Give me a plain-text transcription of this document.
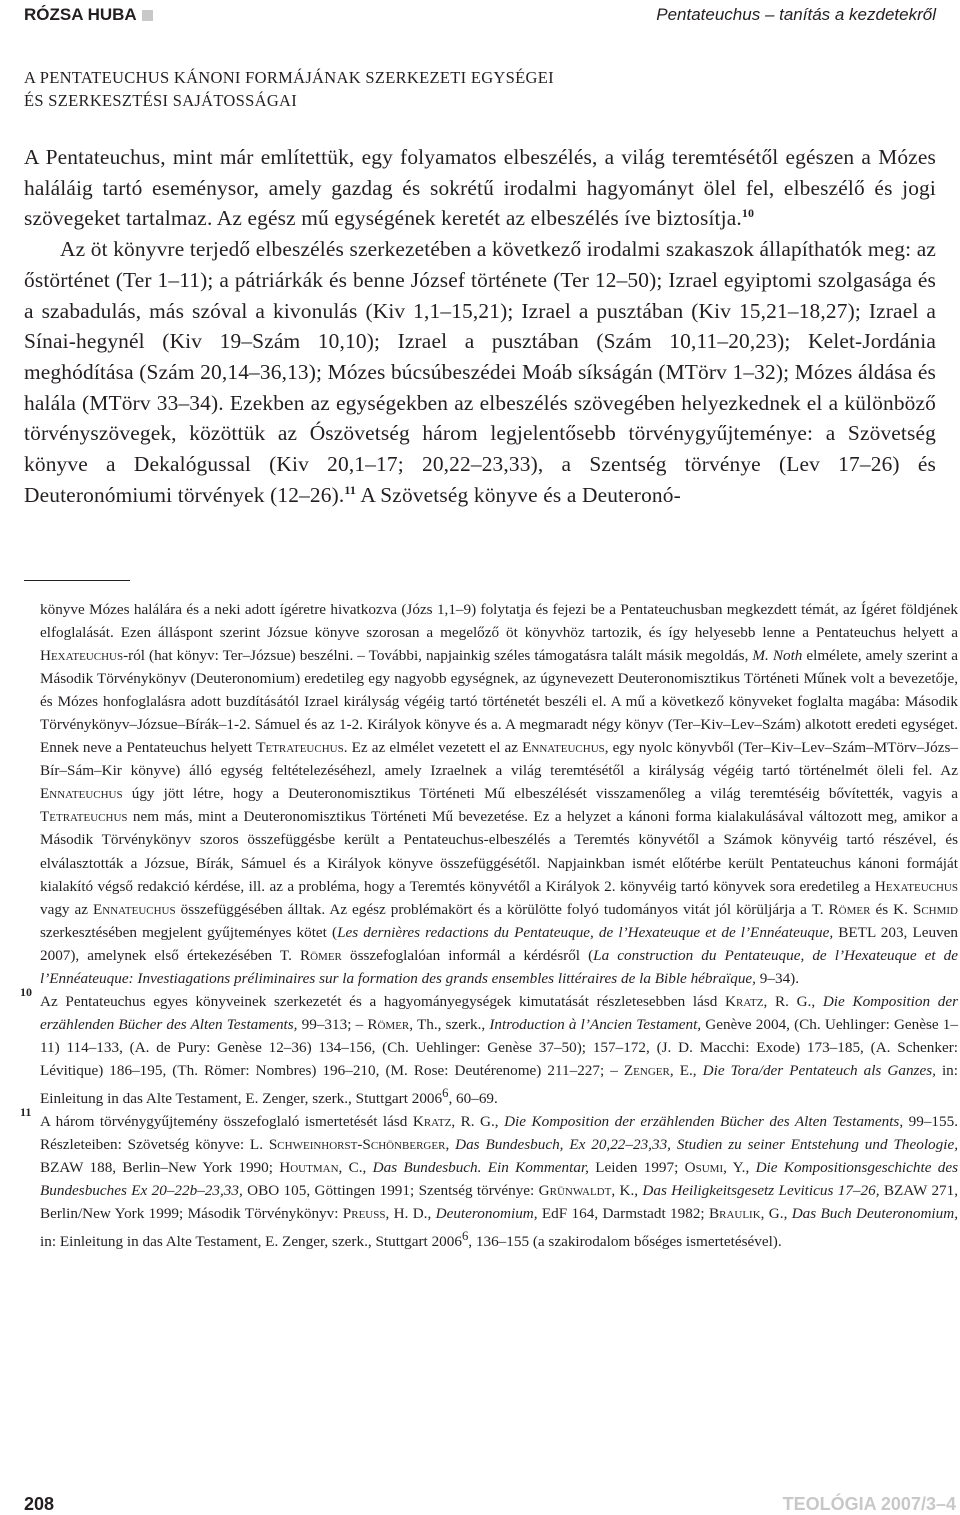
RÓZSA HUBA	Pentateuchus – tanítás a kezdetekről
A PENTATEUCHUS KÁNONI FORMÁJÁNAK SZERKEZETI EGYSÉGEI
ÉS SZERKESZTÉSI SAJÁTOSSÁGAI

A Pentateuchus, mint már említettük, egy folyamatos elbeszélés, a világ teremtésétől egészen a Mózes haláláig tartó eseménysor, amely gazdag és sokrétű irodalmi hagyományt ölel fel, elbeszélő és jogi szövegeket tartalmaz. Az egész mű egységének keretét az elbeszélés íve biztosítja.$^{10}$

Az öt könyvre terjedő elbeszélés szerkezetében a következő irodalmi szakaszok állapíthatók meg: az őstörténet (Ter 1–11); a pátriárkák és benne József története (Ter 12–50); Izrael egyiptomi szolgasága és a szabadulás, más szóval a kivonulás (Kiv 1,1–15,21); Izrael a pusztában (Kiv 15,21–18,27); Izrael a Sínai-hegynél (Kiv 19–Szám 10,10); Izrael a pusztában (Szám 10,11–20,23); Kelet-Jordánia meghódítása (Szám 20,14–36,13); Mózes búcsúbeszédei Moáb síkságán (MTörv 1–32); Mózes áldása és halála (MTörv 33–34). Ezekben az egységekben az elbeszélés szövegében helyezkednek el a különböző törvényszövegek, közöttük az Ószövetség három legjelentősebb törvénygyűjteménye: a Szövetség könyve a Dekalógussal (Kiv 20,1–17; 20,22–23,33), a Szentség törvénye (Lev 17–26) és Deuteronómiumi törvények (12–26).$^{11}$ A Szövetség könyve és a Deuteronó-

könyve Mózes halálára és a neki adott ígéretre hivatkozva (Józs 1,1–9) folytatja és fejezi be a Pentateuchusban megkezdett témát, az Ígéret földjének elfoglalását. Ezen álláspont szerint Józsue könyve szorosan a megelőző öt könyvhöz tartozik, és így helyesebb lenne a Pentateuchus helyett a Hexateuchus-ról (hat könyv: Ter–Józsue) beszélni. – További, napjainkig széles támogatásra talált másik megoldás, M. Noth elmélete, amely szerint a Második Törvénykönyv (Deuteronomium) eredetileg egy nagyobb egységnek, az úgynevezett Deuteronomisztikus Történeti Műnek volt a bevezetője, és Mózes honfoglalásra adott buzdításától Izrael királyság végéig tartó történetét beszéli el. A mű a következő könyveket foglalta magába: Második Törvénykönyv–Józsue–Bírák–1-2. Sámuel és az 1-2. Királyok könyve és a. A megmaradt négy könyv (Ter–Kiv–Lev–Szám) alkotott eredeti egységet. Ennek neve a Pentateuchus helyett Tetrateuchus. Ez az elmélet vezetett el az Ennateuchus, egy nyolc könyvből (Ter–Kiv–Lev–Szám–MTörv–Józs–Bír–Sám–Kir könyve) álló egység feltételezéséhezl, amely Izraelnek a világ teremtésétől a királyság végéig tartó történelmét öleli fel. Az Ennateuchus úgy jött létre, hogy a Deuteronomisztikus Történeti Mű elbeszélését visszamenőleg a világ teremtéséig bővítették, vagyis a Tetrateuchus nem más, mint a Deuteronomisztikus Történeti Mű bevezetése. Ez a helyzet a kánoni forma kialakulásával változott meg, amikor a Második Törvénykönyv szoros összefüggésbe került a Pentateuchus-elbeszélés a Teremtés könyvétől a Számok könyvéig tartó részével, és elválasztották a Józsue, Bírák, Sámuel és a Királyok könyve összefüggésétől. Napjainkban ismét előtérbe került Pentateuchus kánoni formáját kialakító végső redakció kérdése, ill. az a probléma, hogy a Teremtés könyvétől a Királyok 2. könyvéig tartó könyvek sora eredetileg a Hexateuchus vagy az Ennateuchus összefüggésében álltak. Az egész problémakört és a körülötte folyó tudományos vitát jól körüljárja a T. Römer és K. Schmid szerkesztésében megjelent gyűjteményes kötet (Les dernières redactions du Pentateuque, de l’Hexateuque et de l’Ennéateuque, BETL 203, Leuven 2007), amelynek első értekezésében T. Römer összefoglalóan informál a kérdésről (La construction du Pentateuque, de l’Hexateuque et de l’Ennéateuque: Investiagations préliminaires sur la formation des grands ensembles littéraires de la Bible hébraïque, 9–34).

10
Az Pentateuchus egyes könyveinek szerkezetét és a hagyományegységek kimutatását részletesebben lásd Kratz, R. G., Die Komposition der erzählenden Bücher des Alten Testaments, 99–313; – Römer, Th., szerk., Introduction à l’Ancien Testament, Genève 2004, (Ch. Uehlinger: Genèse 1–11) 114–133, (A. de Pury: Genèse 12–36) 134–156, (Ch. Uehlinger: Genèse 37–50); 157–172, (J. D. Macchi: Exode) 173–185, (A. Schenker: Lévitique) 186–195, (Th. Römer: Nombres) 196–210, (M. Rose: Deutérenome) 211–227; – Zenger, E., Die Tora/der Pentateuch als Ganzes, in: Einleitung in das Alte Testament, E. Zenger, szerk., Stuttgart 2006$^6$, 60–69.

11
A három törvénygyűjtemény összefoglaló ismertetését lásd Kratz, R. G., Die Komposition der erzählenden Bücher des Alten Testaments, 99–155. Részleteiben: Szövetség könyve: L. Schweinhorst-Schönberger, Das Bundesbuch, Ex 20,22–23,33, Studien zu seiner Entstehung und Theologie, BZAW 188, Berlin–New York 1990; Houtman, C., Das Bundesbuch. Ein Kommentar, Leiden 1997; Osumi, Y., Die Kompositionsgeschichte des Bundesbuches Ex 20–22b–23,33, OBO 105, Göttingen 1991; Szentség törvénye: Grünwaldt, K., Das Heiligkeitsgesetz Leviticus 17–26, BZAW 271, Berlin/New York 1999; Második Törvénykönyv: Preuss, H. D., Deuteronomium, EdF 164, Darmstadt 1982; Braulik, G., Das Buch Deuteronomium, in: Einleitung in das Alte Testament, E. Zenger, szerk., Stuttgart 2006$^6$, 136–155 (a szakirodalom bőséges ismertetésével).

208	TEOLÓGIA 2007/3–4
